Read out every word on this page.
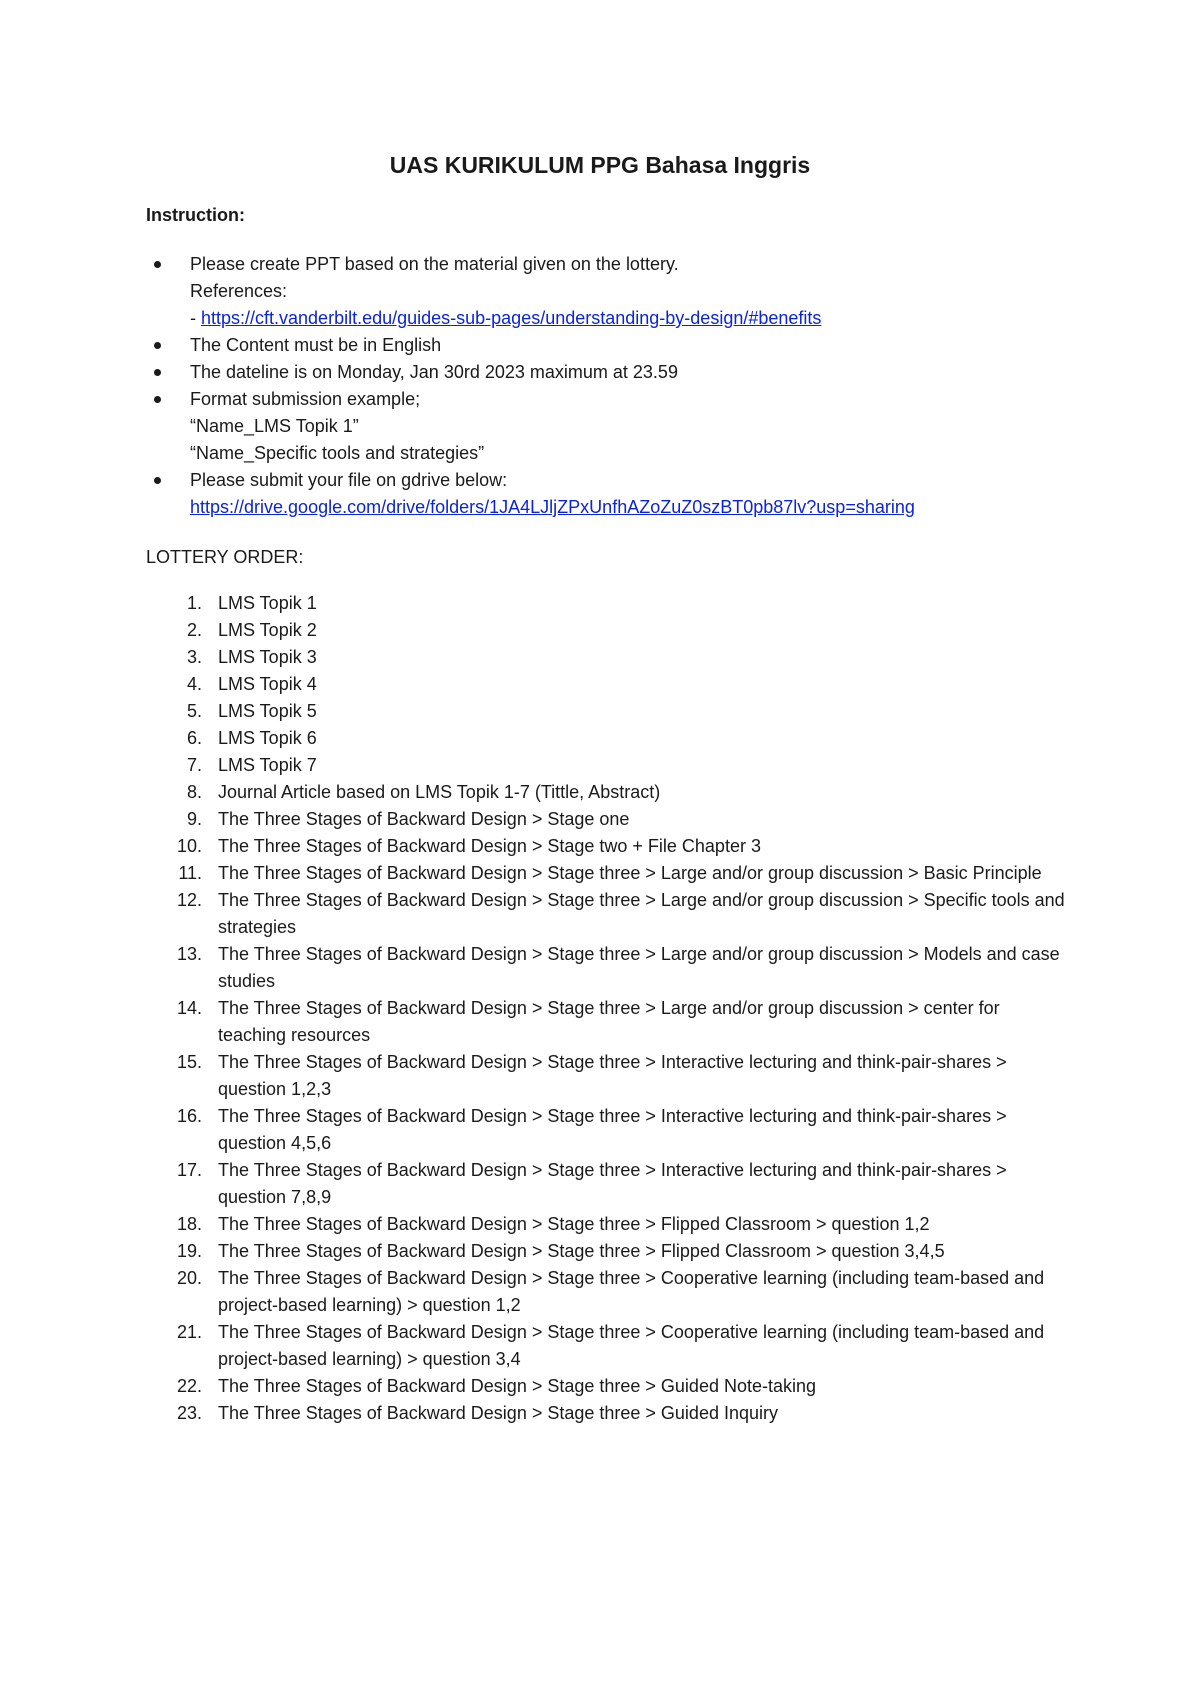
UAS KURIKULUM PPG Bahasa Inggris
Instruction:
Please create PPT based on the material given on the lottery.
References:
- https://cft.vanderbilt.edu/guides-sub-pages/understanding-by-design/#benefits
The Content must be in English
The dateline is on Monday, Jan 30rd 2023 maximum at 23.59
Format submission example;
“Name_LMS Topik 1”
“Name_Specific tools and strategies”
Please submit your file on gdrive below:
https://drive.google.com/drive/folders/1JA4LJljZPxUnfhAZoZuZ0szBT0pb87lv?usp=sharing
LOTTERY ORDER:
1. LMS Topik 1
2. LMS Topik 2
3. LMS Topik 3
4. LMS Topik 4
5. LMS Topik 5
6. LMS Topik 6
7. LMS Topik 7
8. Journal Article based on LMS Topik 1-7 (Tittle, Abstract)
9. The Three Stages of Backward Design > Stage one
10. The Three Stages of Backward Design > Stage two + File Chapter 3
11. The Three Stages of Backward Design > Stage three > Large and/or group discussion > Basic Principle
12. The Three Stages of Backward Design > Stage three > Large and/or group discussion > Specific tools and strategies
13. The Three Stages of Backward Design > Stage three > Large and/or group discussion > Models and case studies
14. The Three Stages of Backward Design > Stage three > Large and/or group discussion > center for teaching resources
15. The Three Stages of Backward Design > Stage three > Interactive lecturing and think-pair-shares > question 1,2,3
16. The Three Stages of Backward Design > Stage three > Interactive lecturing and think-pair-shares > question 4,5,6
17. The Three Stages of Backward Design > Stage three > Interactive lecturing and think-pair-shares > question 7,8,9
18. The Three Stages of Backward Design > Stage three > Flipped Classroom > question 1,2
19. The Three Stages of Backward Design > Stage three > Flipped Classroom > question 3,4,5
20. The Three Stages of Backward Design > Stage three > Cooperative learning (including team-based and project-based learning) > question 1,2
21. The Three Stages of Backward Design > Stage three > Cooperative learning (including team-based and project-based learning) > question 3,4
22. The Three Stages of Backward Design > Stage three > Guided Note-taking
23. The Three Stages of Backward Design > Stage three > Guided Inquiry
